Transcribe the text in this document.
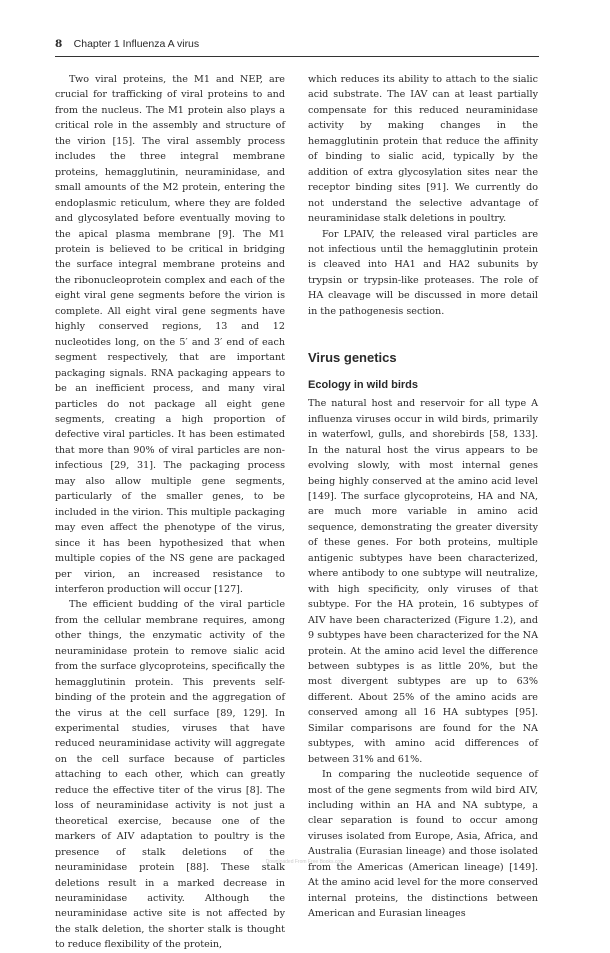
8 Chapter 1 Influenza A virus

Two viral proteins, the M1 and NEP, are crucial for trafficking of viral proteins to and from the nucleus. The M1 protein also plays a critical role in the assembly and structure of the virion [15]. The viral assembly process includes the three integral membrane proteins, hemagglutinin, neuraminidase, and small amounts of the M2 protein, entering the endoplasmic reticulum, where they are folded and glycosylated before eventually moving to the apical plasma membrane [9]. The M1 protein is believed to be critical in bridging the surface integral membrane proteins and the ribonucleoprotein complex and each of the eight viral gene segments before the virion is complete. All eight viral gene segments have highly conserved regions, 13 and 12 nucleotides long, on the 5′ and 3′ end of each segment respectively, that are important packaging signals. RNA packaging appears to be an inefficient process, and many viral particles do not package all eight gene segments, creating a high proportion of defective viral particles. It has been estimated that more than 90% of viral particles are non-infectious [29, 31]. The packaging process may also allow multiple gene segments, particularly of the smaller genes, to be included in the virion. This multiple packaging may even affect the phenotype of the virus, since it has been hypothesized that when multiple copies of the NS gene are packaged per virion, an increased resistance to interferon production will occur [127].

The efficient budding of the viral particle from the cellular membrane requires, among other things, the enzymatic activity of the neuraminidase protein to remove sialic acid from the surface glycoproteins, specifically the hemagglutinin protein. This prevents self-binding of the protein and the aggregation of the virus at the cell surface [89, 129]. In experimental studies, viruses that have reduced neuraminidase activity will aggregate on the cell surface because of particles attaching to each other, which can greatly reduce the effective titer of the virus [8]. The loss of neuraminidase activity is not just a theoretical exercise, because one of the markers of AIV adaptation to poultry is the presence of stalk deletions of the neuraminidase protein [88]. These stalk deletions result in a marked decrease in neuraminidase activity. Although the neuraminidase active site is not affected by the stalk deletion, the shorter stalk is thought to reduce flexibility of the protein,

which reduces its ability to attach to the sialic acid substrate. The IAV can at least partially compensate for this reduced neuraminidase activity by making changes in the hemagglutinin protein that reduce the affinity of binding to sialic acid, typically by the addition of extra glycosylation sites near the receptor binding sites [91]. We currently do not understand the selective advantage of neuraminidase stalk deletions in poultry.

For LPAIV, the released viral particles are not infectious until the hemagglutinin protein is cleaved into HA1 and HA2 subunits by trypsin or trypsin-like proteases. The role of HA cleavage will be discussed in more detail in the pathogenesis section.

Virus genetics
Ecology in wild birds

The natural host and reservoir for all type A influenza viruses occur in wild birds, primarily in waterfowl, gulls, and shorebirds [58, 133]. In the natural host the virus appears to be evolving slowly, with most internal genes being highly conserved at the amino acid level [149]. The surface glycoproteins, HA and NA, are much more variable in amino acid sequence, demonstrating the greater diversity of these genes. For both proteins, multiple antigenic subtypes have been characterized, where antibody to one subtype will neutralize, with high specificity, only viruses of that subtype. For the HA protein, 16 subtypes of AIV have been characterized (Figure 1.2), and 9 subtypes have been characterized for the NA protein. At the amino acid level the difference between subtypes is as little 20%, but the most divergent subtypes are up to 63% different. About 25% of the amino acids are conserved among all 16 HA subtypes [95]. Similar comparisons are found for the NA subtypes, with amino acid differences of between 31% and 61%.

In comparing the nucleotide sequence of most of the gene segments from wild bird AIV, including within an HA and NA subtype, a clear separation is found to occur among viruses isolated from Europe, Asia, Africa, and Australia (Eurasian lineage) and those isolated from the Americas (American lineage) [149]. At the amino acid level for the more conserved internal proteins, the distinctions between American and Eurasian lineages

Downloaded From Free Books.com
